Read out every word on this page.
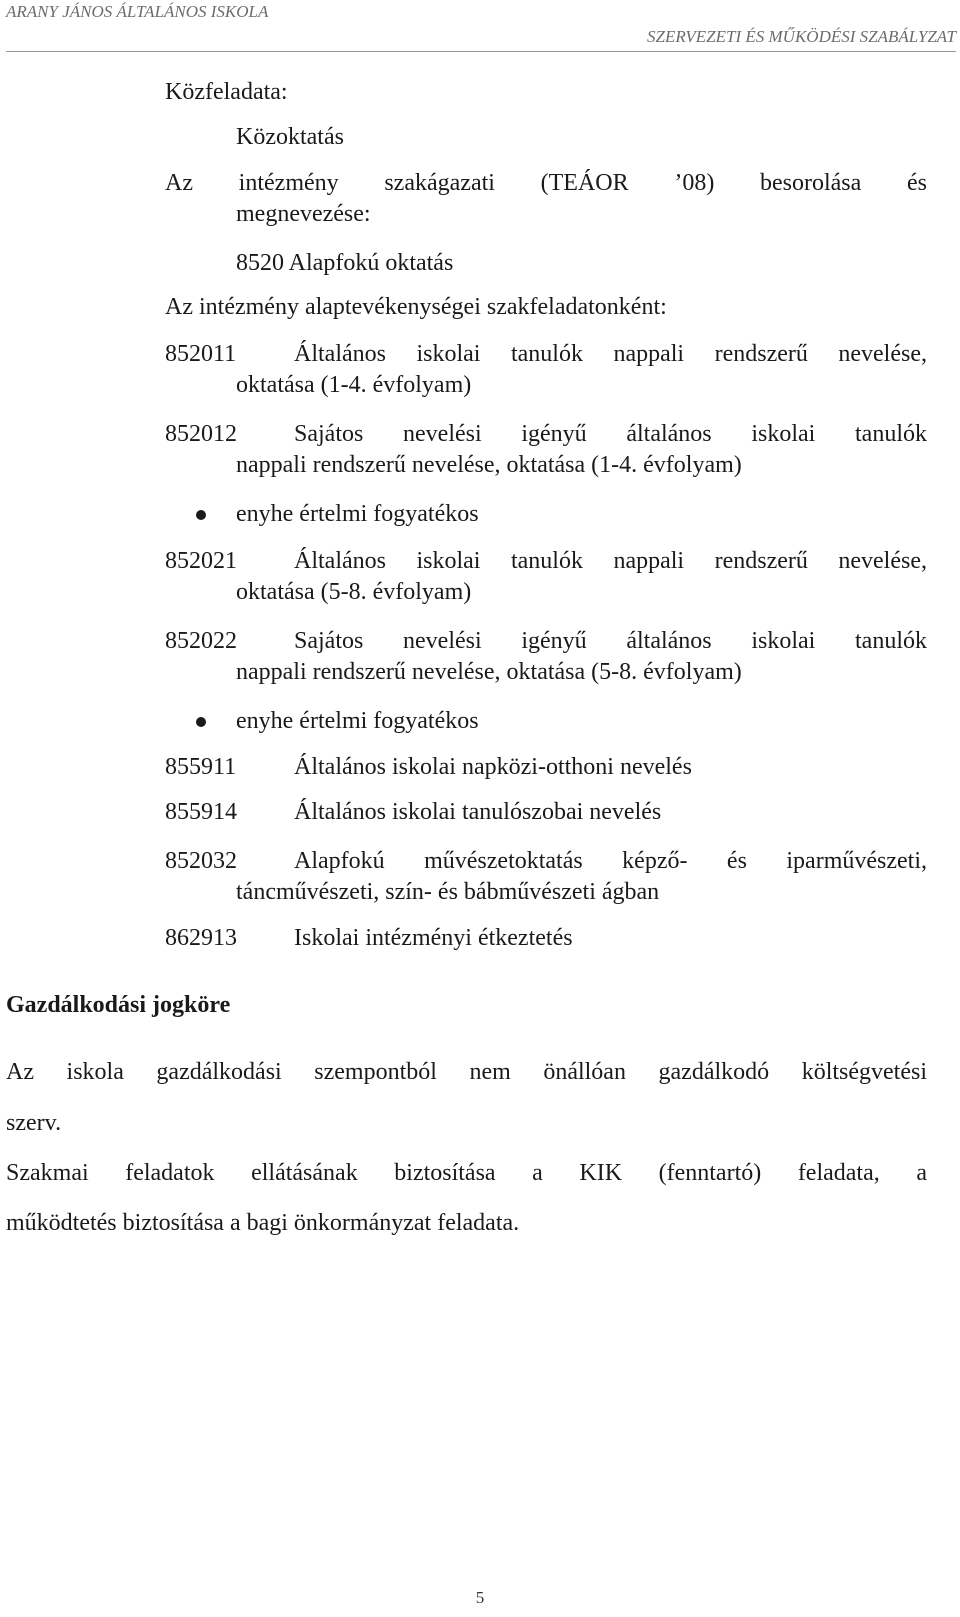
ARANY JÁNOS ÁLTALÁNOS ISKOLA
SZERVEZETI ÉS MŰKÖDÉSI SZABÁLYZAT
Közfeladata:
Közoktatás
Az intézmény szakágazati (TEÁOR ’08) besorolása és
megnevezése:
8520 Alapfokú oktatás
Az intézmény alaptevékenységei szakfeladatonként:
852011 Általános iskolai tanulók nappali rendszerű nevelése,
oktatása (1-4. évfolyam)
852012 Sajátos nevelési igényű általános iskolai tanulók
nappali rendszerű nevelése, oktatása (1-4. évfolyam)
enyhe értelmi fogyatékos
852021 Általános iskolai tanulók nappali rendszerű nevelése,
oktatása (5-8. évfolyam)
852022 Sajátos nevelési igényű általános iskolai tanulók
nappali rendszerű nevelése, oktatása (5-8. évfolyam)
enyhe értelmi fogyatékos
855911 Általános iskolai napközi-otthoni nevelés
855914 Általános iskolai tanulószobai nevelés
852032 Alapfokú művészetoktatás képző- és iparművészeti,
táncművészeti, szín- és bábművészeti ágban
862913 Iskolai intézményi étkeztetés
Gazdálkodási jogköre
Az iskola gazdálkodási szempontból nem önállóan gazdálkodó költségvetési
szerv.
Szakmai feladatok ellátásának biztosítása a KIK (fenntartó) feladata, a
működtetés biztosítása a bagi önkormányzat feladata.
5
